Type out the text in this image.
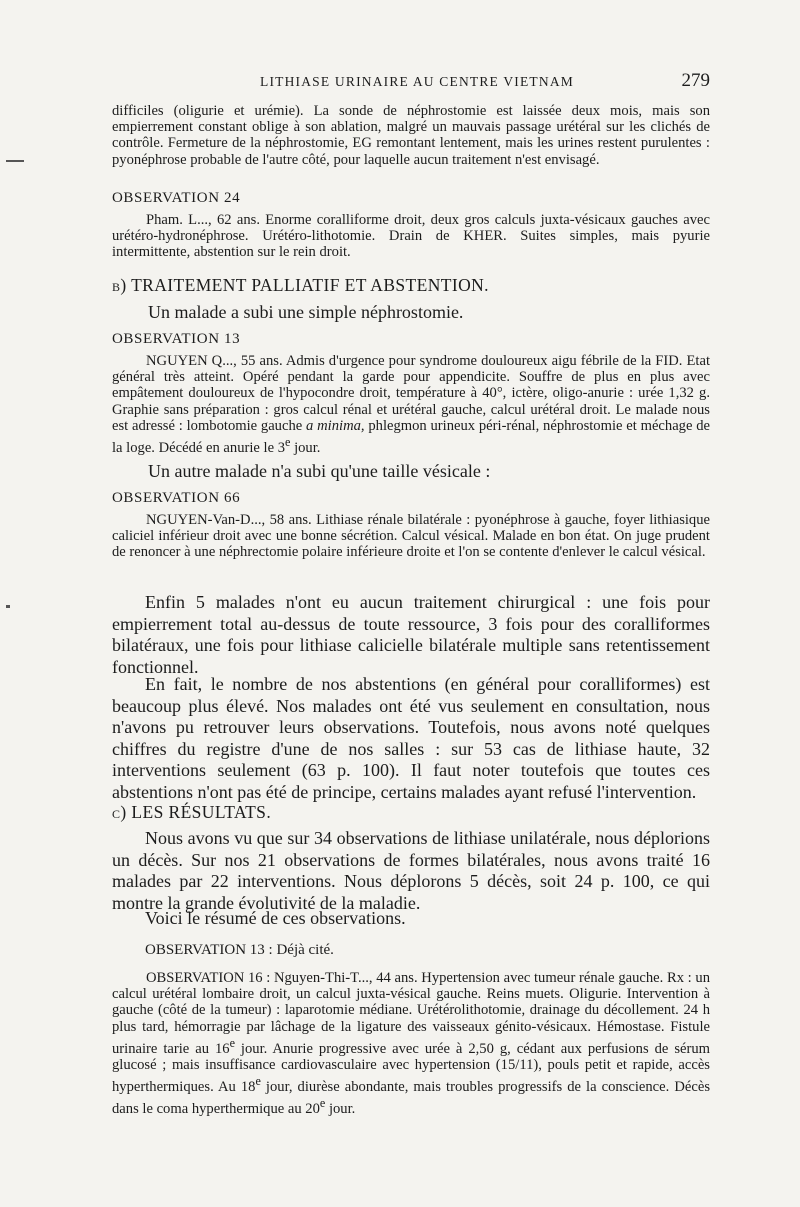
LITHIASE URINAIRE AU CENTRE VIETNAM	279

difficiles (oligurie et urémie). La sonde de néphrostomie est laissée deux mois, mais son empierrement constant oblige à son ablation, malgré un mauvais passage urétéral sur les clichés de contrôle. Fermeture de la néphrostomie, EG remontant lentement, mais les urines restent purulentes : pyonéphrose probable de l'autre côté, pour laquelle aucun traitement n'est envisagé.

OBSERVATION 24

Pham. L..., 62 ans. Enorme coralliforme droit, deux gros calculs juxta-vésicaux gauches avec urétéro-hydronéphrose. Urétéro-lithotomie. Drain de KHER. Suites simples, mais pyurie intermittente, abstention sur le rein droit.

b) TRAITEMENT PALLIATIF ET ABSTENTION.
Un malade a subi une simple néphrostomie.
OBSERVATION 13

NGUYEN Q..., 55 ans. Admis d'urgence pour syndrome douloureux aigu fébrile de la FID. Etat général très atteint. Opéré pendant la garde pour appendicite. Souffre de plus en plus avec empâtement douloureux de l'hypocondre droit, température à 40°, ictère, oligo-anurie : urée 1,32 g. Graphie sans préparation : gros calcul rénal et urétéral gauche, calcul urétéral droit. Le malade nous est adressé : lombotomie gauche a minima, phlegmon urineux péri-rénal, néphrostomie et méchage de la loge. Décédé en anurie le 3e jour.

Un autre malade n'a subi qu'une taille vésicale :
OBSERVATION 66

NGUYEN-Van-D..., 58 ans. Lithiase rénale bilatérale : pyonéphrose à gauche, foyer lithiasique caliciel inférieur droit avec une bonne sécrétion. Calcul vésical. Malade en bon état. On juge prudent de renoncer à une néphrectomie polaire inférieure droite et l'on se contente d'enlever le calcul vésical.

Enfin 5 malades n'ont eu aucun traitement chirurgical : une fois pour empierrement total au-dessus de toute ressource, 3 fois pour des coralliformes bilatéraux, une fois pour lithiase calicielle bilatérale multiple sans retentissement fonctionnel.

En fait, le nombre de nos abstentions (en général pour coralliformes) est beaucoup plus élevé. Nos malades ont été vus seulement en consultation, nous n'avons pu retrouver leurs observations. Toutefois, nous avons noté quelques chiffres du registre d'une de nos salles : sur 53 cas de lithiase haute, 32 interventions seulement (63 p. 100). Il faut noter toutefois que toutes ces abstentions n'ont pas été de principe, certains malades ayant refusé l'intervention.

c) LES RÉSULTATS.

Nous avons vu que sur 34 observations de lithiase unilatérale, nous déplorions un décès. Sur nos 21 observations de formes bilatérales, nous avons traité 16 malades par 22 interventions. Nous déplorons 5 décès, soit 24 p. 100, ce qui montre la grande évolutivité de la maladie.

Voici le résumé de ces observations.
OBSERVATION 13 : Déjà cité.

OBSERVATION 16 : Nguyen-Thi-T..., 44 ans. Hypertension avec tumeur rénale gauche. Rx : un calcul urétéral lombaire droit, un calcul juxta-vésical gauche. Reins muets. Oligurie. Intervention à gauche (côté de la tumeur) : laparotomie médiane. Urétérolithotomie, drainage du décollement. 24 h plus tard, hémorragie par lâchage de la ligature des vaisseaux génito-vésicaux. Hémostase. Fistule urinaire tarie au 16e jour. Anurie progressive avec urée à 2,50 g, cédant aux perfusions de sérum glucosé ; mais insuffisance cardiovasculaire avec hypertension (15/11), pouls petit et rapide, accès hyperthermiques. Au 18e jour, diurèse abondante, mais troubles progressifs de la conscience. Décès dans le coma hyperthermique au 20e jour.
